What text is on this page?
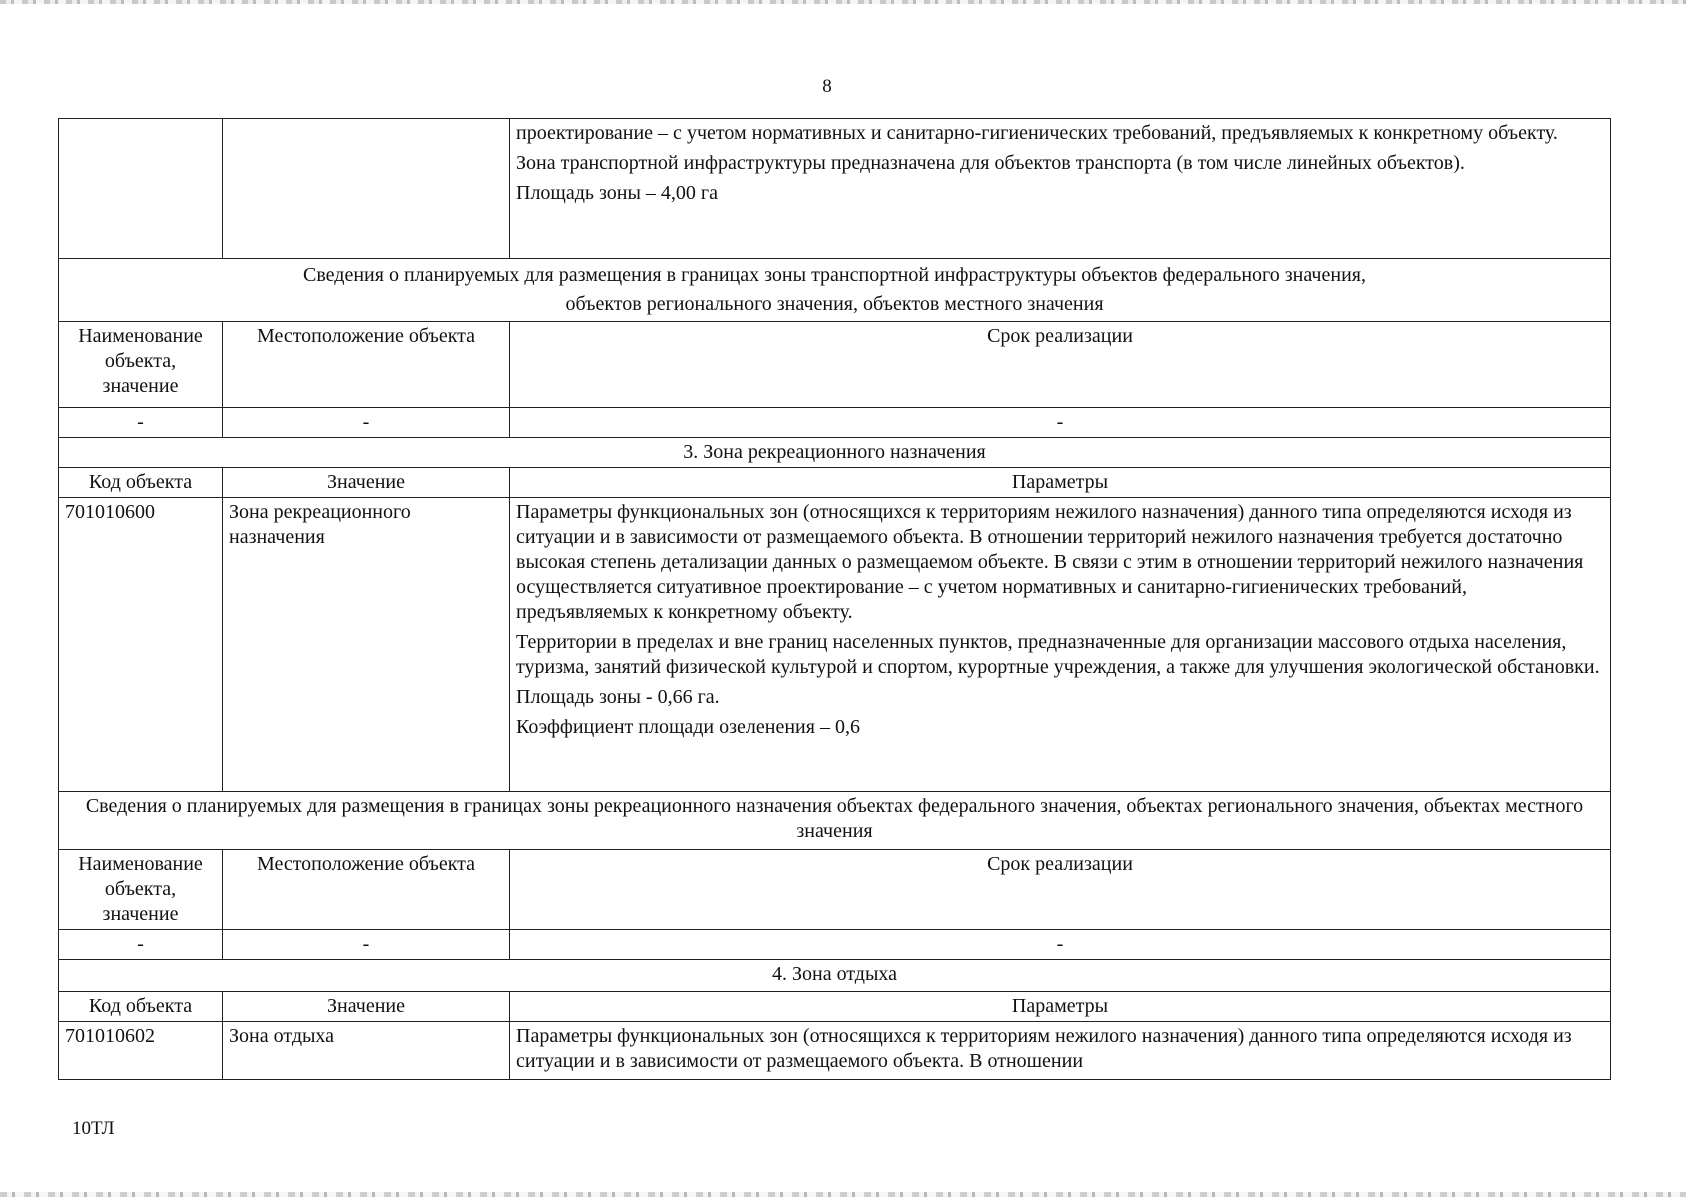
8

		проектирование – с учетом нормативных и санитарно-гигиенических требований, предъявляемых к конкретному объекту.

Зона транспортной инфраструктуры предназначена для объектов транспорта (в том числе линейных объектов).

Площадь зоны – 4,00 га

Сведения о планируемых для размещения в границах зоны транспортной инфраструктуры объектов федерального значения,
объектов регионального значения, объектов местного значения		

Наименование объекта, значение	Местоположение объекта	Срок реализации
-	-	-
3. Зона рекреационного назначения		
Код объекта	Значение	Параметры
701010600	Зона рекреационного назначения	Параметры функциональных зон (относящихся к территориям нежилого назначения) данного типа определяются исходя из ситуации и в зависимости от размещаемого объекта. В отношении территорий нежилого назначения требуется достаточно высокая степень детализации данных о размещаемом объекте. В связи с этим в отношении территорий нежилого назначения осуществляется ситуативное проектирование – с учетом нормативных и санитарно-гигиенических требований, предъявляемых к конкретному объекту.

Территории в пределах и вне границ населенных пунктов, предназначенные для организации массового отдыха населения, туризма, занятий физической культурой и спортом, курортные учреждения, а также для улучшения экологической обстановки.

Площадь зоны - 0,66 га.

Коэффициент площади озеленения – 0,6

Сведения о планируемых для размещения в границах зоны рекреационного назначения объектах федерального значения, объектах регионального значения, объектах местного значения		
Наименование объекта, значение	Местоположение объекта	Срок реализации
-	-	-
4. Зона отдыха		
Код объекта	Значение	Параметры
701010602	Зона отдыха	Параметры функциональных зон (относящихся к территориям нежилого назначения) данного типа определяются исходя из ситуации и в зависимости от размещаемого объекта. В отношении

10ТЛ
